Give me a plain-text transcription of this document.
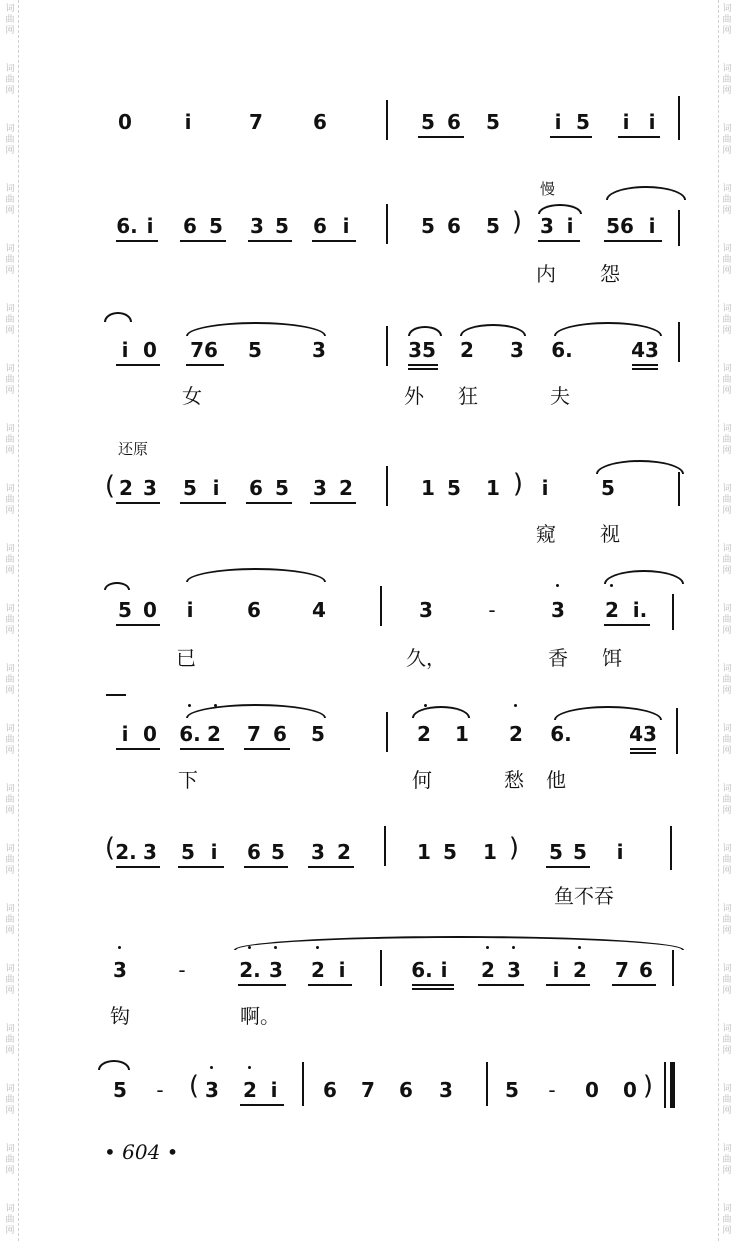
词
曲
网
词
曲
网
词
曲
网
词
曲
网
词
曲
网
词
曲
网
词
曲
网
词
曲
网
词
曲
网
词
曲
网
词
曲
网
词
曲
网
词
曲
网
词
曲
网
词
曲
网
词
曲
网
词
曲
网
词
曲
网
词
曲
网
词
曲
网
词
曲
网
词
曲
网
词
曲
网
词
曲
网
词
曲
网
词
曲
网
词
曲
网
词
曲
网
词
曲
网
词
曲
网
词
曲
网
词
曲
网
词
曲
网
词
曲
网
词
曲
网
词
曲
网
词
曲
网
词
曲
网
词
曲
网
词
曲
网
词
曲
网
词
曲
网
0	i	7	6	5 6 5	i 5 i i
慢
6. i 6 5 3 5 6 i	5 6 5 ) 3 i 56 i
内 怨
i 0 76 5	3	35 2 3 6.	43
女	外 狂	夫
还原
( 2 3 5 i 6 5 3 2	1 5 1 ) i	5
窥 视
5 0 i	6	4	3	-	3 2 i.
已	久，	香 饵
i 0 6. 2 7 6 5	2 1 2 6.	43
下	何	愁 他
( 2. 3 5 i 6 5 3 2	1 5 1 ) 5 5 i
鱼不吞
3	-	2. 3 2 i	6. i 2 3 i 2 7 6
钩	啊。
5 - ( 3 2 i 6 7 6 3	5 - 0 0 )
• 604 •
